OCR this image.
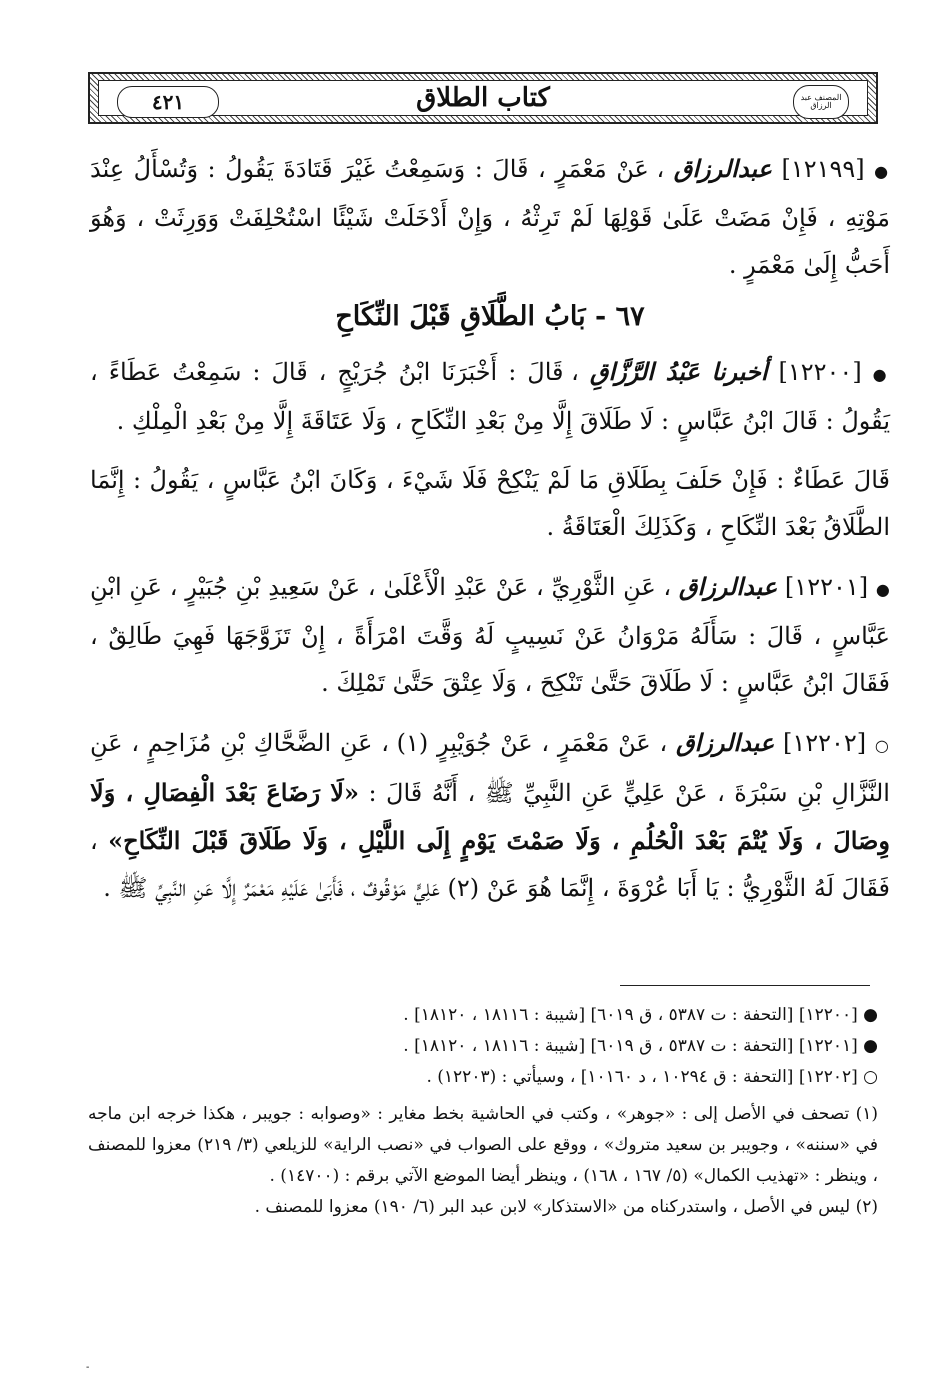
٤٢١	كتاب الطلاق	المصنف عبد الرزاق

● [١٢١٩٩] عبدالرزاق ، عَنْ مَعْمَرٍ ، قَالَ : وَسَمِعْتُ غَيْرَ قَتَادَةَ يَقُولُ : وَتُسْأَلُ عِنْدَ مَوْتِهِ ، فَإِنْ مَضَتْ عَلَىٰ قَوْلِهَا لَمْ تَرِثْهُ ، وَإِنْ أَدْخَلَتْ شَيْئًا اسْتُحْلِفَتْ وَوَرِثَتْ ، وَهُوَ أَحَبُّ إِلَىٰ مَعْمَرٍ .

٦٧ - بَابُ الطَّلَاقِ قَبْلَ النِّكَاحِ

● [١٢٢٠٠] أخبرنا عَبْدُ الرَّزَّاقِ ، قَالَ : أَخْبَرَنَا ابْنُ جُرَيْجٍ ، قَالَ : سَمِعْتُ عَطَاءً ، يَقُولُ : قَالَ ابْنُ عَبَّاسٍ : لَا طَلَاقَ إِلَّا مِنْ بَعْدِ النِّكَاحِ ، وَلَا عَتَاقَةَ إِلَّا مِنْ بَعْدِ الْمِلْكِ .

قَالَ عَطَاءٌ : فَإِنْ حَلَفَ بِطَلَاقِ مَا لَمْ يَنْكِحْ فَلَا شَيْءَ ، وَكَانَ ابْنُ عَبَّاسٍ ، يَقُولُ : إِنَّمَا الطَّلَاقُ بَعْدَ النِّكَاحِ ، وَكَذَلِكَ الْعَتَاقَةُ .

● [١٢٢٠١] عبدالرزاق ، عَنِ الثَّوْرِيِّ ، عَنْ عَبْدِ الْأَعْلَىٰ ، عَنْ سَعِيدِ بْنِ جُبَيْرٍ ، عَنِ ابْنِ عَبَّاسٍ ، قَالَ : سَأَلَهُ مَرْوَانُ عَنْ نَسِيبٍ لَهُ وَقَّتَ امْرَأَةً ، إِنْ تَزَوَّجَهَا فَهِيَ طَالِقٌ ، فَقَالَ ابْنُ عَبَّاسٍ : لَا طَلَاقَ حَتَّىٰ تَنْكِحَ ، وَلَا عِتْقَ حَتَّىٰ تَمْلِكَ .

○ [١٢٢٠٢] عبدالرزاق ، عَنْ مَعْمَرٍ ، عَنْ جُوَيْبِرٍ (١) ، عَنِ الضَّحَّاكِ بْنِ مُزَاحِمٍ ، عَنِ النَّزَّالِ بْنِ سَبْرَةَ ، عَنْ عَلِيٍّ عَنِ النَّبِيِّ ﷺ ، أَنَّهُ قَالَ : «لَا رَضَاعَ بَعْدَ الْفِصَالِ ، وَلَا وِصَالَ ، وَلَا يُتْمَ بَعْدَ الْحُلُمِ ، وَلَا صَمْتَ يَوْمٍ إِلَى اللَّيْلِ ، وَلَا طَلَاقَ قَبْلَ النِّكَاحِ» ، فَقَالَ لَهُ الثَّوْرِيُّ : يَا أَبَا عُرْوَةَ ، إِنَّمَا هُوَ عَنْ (٢) عَلِيٍّ مَوْقُوفٌ ، فَأَبَىٰ عَلَيْهِ مَعْمَرٌ إِلَّا عَنِ النَّبِيِّ ﷺ .

● [١٢٢٠٠] [التحفة : ت ٥٣٨٧ ، ق ٦٠١٩] [شيبة : ١٨١١٦ ، ١٨١٢٠] .

● [١٢٢٠١] [التحفة : ت ٥٣٨٧ ، ق ٦٠١٩] [شيبة : ١٨١١٦ ، ١٨١٢٠] .

○ [١٢٢٠٢] [التحفة : ق ١٠٢٩٤ ، د ١٠١٦٠] ، وسيأتي : (١٢٢٠٣) .

(١) تصحف في الأصل إلى : «جوهر» ، وكتب في الحاشية بخط مغاير : «وصوابه : جويبر ، هكذا خرجه ابن ماجه في «سننه» ، وجويبر بن سعيد متروك» ، ووقع على الصواب في «نصب الراية» للزيلعي (٣/ ٢١٩) معزوا للمصنف ، وينظر : «تهذيب الكمال» (٥/ ١٦٧ ، ١٦٨) ، وينظر أيضا الموضع الآتي برقم : (١٤٧٠٠) .

(٢) ليس في الأصل ، واستدركناه من «الاستذكار» لابن عبد البر (٦/ ١٩٠) معزوا للمصنف .

-
